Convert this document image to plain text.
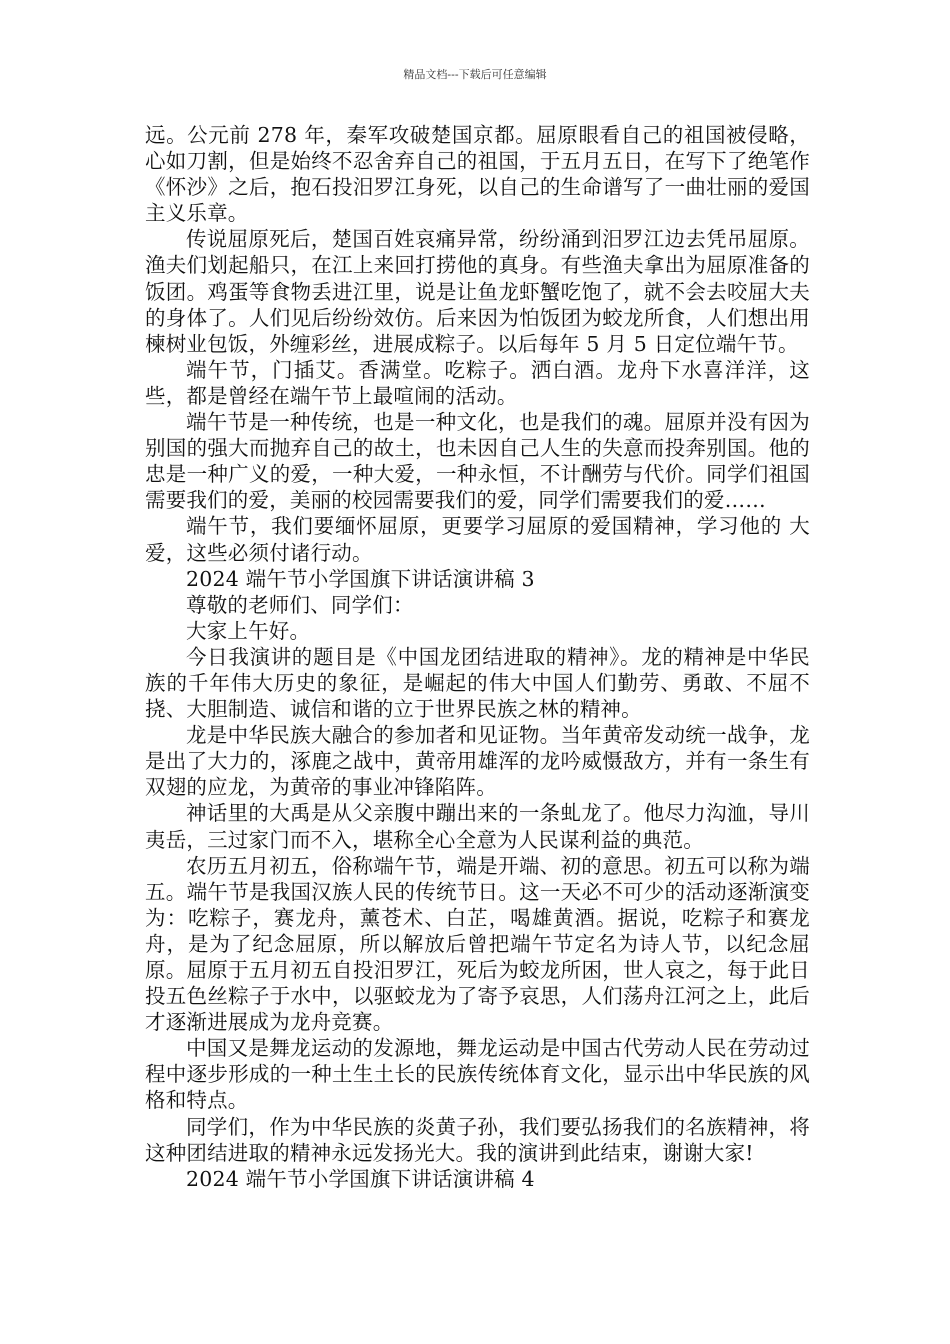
精品文档---下载后可任意编辑

远。公元前 278 年，秦军攻破楚国京都。屈原眼看自己的祖国被侵略，心如刀割，但是始终不忍舍弃自己的祖国，于五月五日，在写下了绝笔作《怀沙》之后，抱石投汨罗江身死，以自己的生命谱写了一曲壮丽的爱国主义乐章。

传说屈原死后，楚国百姓哀痛异常，纷纷涌到汨罗江边去凭吊屈原。渔夫们划起船只，在江上来回打捞他的真身。有些渔夫拿出为屈原准备的饭团。鸡蛋等食物丢进江里，说是让鱼龙虾蟹吃饱了，就不会去咬屈大夫的身体了。人们见后纷纷效仿。后来因为怕饭团为蛟龙所食，人们想出用楝树业包饭，外缠彩丝，进展成粽子。以后每年 5 月 5 日定位端午节。

端午节，门插艾。香满堂。吃粽子。洒白酒。龙舟下水喜洋洋，这些，都是曾经在端午节上最喧闹的活动。

端午节是一种传统，也是一种文化，也是我们的魂。屈原并没有因为别国的强大而抛弃自己的故土，也未因自己人生的失意而投奔别国。他的忠是一种广义的爱，一种大爱，一种永恒，不计酬劳与代价。同学们祖国需要我们的爱，美丽的校园需要我们的爱，同学们需要我们的爱……

端午节，我们要缅怀屈原，更要学习屈原的爱国精神，学习他的 大爱，这些必须付诸行动。

2024 端午节小学国旗下讲话演讲稿 3

尊敬的老师们、同学们：

大家上午好。

今日我演讲的题目是《中国龙团结进取的精神》。龙的精神是中华民族的千年伟大历史的象征，是崛起的伟大中国人们勤劳、勇敢、不屈不挠、大胆制造、诚信和谐的立于世界民族之林的精神。

龙是中华民族大融合的参加者和见证物。当年黄帝发动统一战争，龙是出了大力的，涿鹿之战中，黄帝用雄浑的龙吟威慑敌方，并有一条生有双翅的应龙，为黄帝的事业冲锋陷阵。

神话里的大禹是从父亲腹中蹦出来的一条虬龙了。他尽力沟洫，导川夷岳，三过家门而不入，堪称全心全意为人民谋利益的典范。

农历五月初五，俗称端午节，端是开端、初的意思。初五可以称为端五。端午节是我国汉族人民的传统节日。这一天必不可少的活动逐渐演变为：吃粽子，赛龙舟，薰苍术、白芷，喝雄黄酒。据说，吃粽子和赛龙舟，是为了纪念屈原，所以解放后曾把端午节定名为诗人节，以纪念屈原。屈原于五月初五自投汨罗江，死后为蛟龙所困，世人哀之，每于此日投五色丝粽子于水中，以驱蛟龙为了寄予哀思，人们荡舟江河之上，此后才逐渐进展成为龙舟竞赛。

中国又是舞龙运动的发源地，舞龙运动是中国古代劳动人民在劳动过程中逐步形成的一种土生土长的民族传统体育文化，显示出中华民族的风格和特点。

同学们，作为中华民族的炎黄子孙，我们要弘扬我们的名族精神，将这种团结进取的精神永远发扬光大。我的演讲到此结束，谢谢大家!

2024 端午节小学国旗下讲话演讲稿 4
